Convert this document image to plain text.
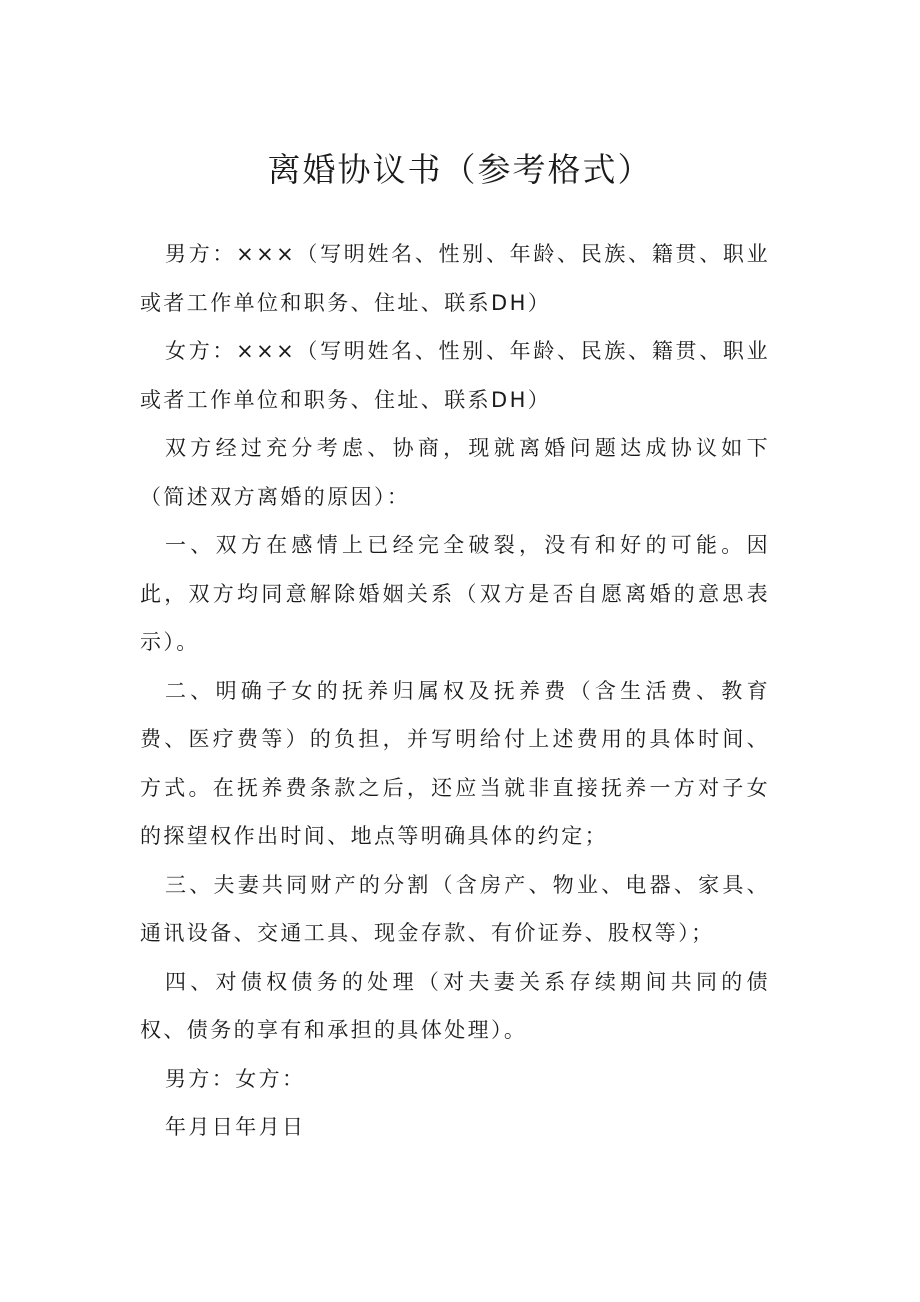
离婚协议书（参考格式）

男方：×××（写明姓名、性别、年龄、民族、籍贯、职业或者工作单位和职务、住址、联系DH）

女方：×××（写明姓名、性别、年龄、民族、籍贯、职业或者工作单位和职务、住址、联系DH）

双方经过充分考虑、协商，现就离婚问题达成协议如下（简述双方离婚的原因）：

一、双方在感情上已经完全破裂，没有和好的可能。因此，双方均同意解除婚姻关系（双方是否自愿离婚的意思表示）。

二、明确子女的抚养归属权及抚养费（含生活费、教育费、医疗费等）的负担，并写明给付上述费用的具体时间、方式。在抚养费条款之后，还应当就非直接抚养一方对子女的探望权作出时间、地点等明确具体的约定；

三、夫妻共同财产的分割（含房产、物业、电器、家具、通讯设备、交通工具、现金存款、有价证券、股权等）；

四、对债权债务的处理（对夫妻关系存续期间共同的债权、债务的享有和承担的具体处理）。

男方：女方：

年月日年月日
